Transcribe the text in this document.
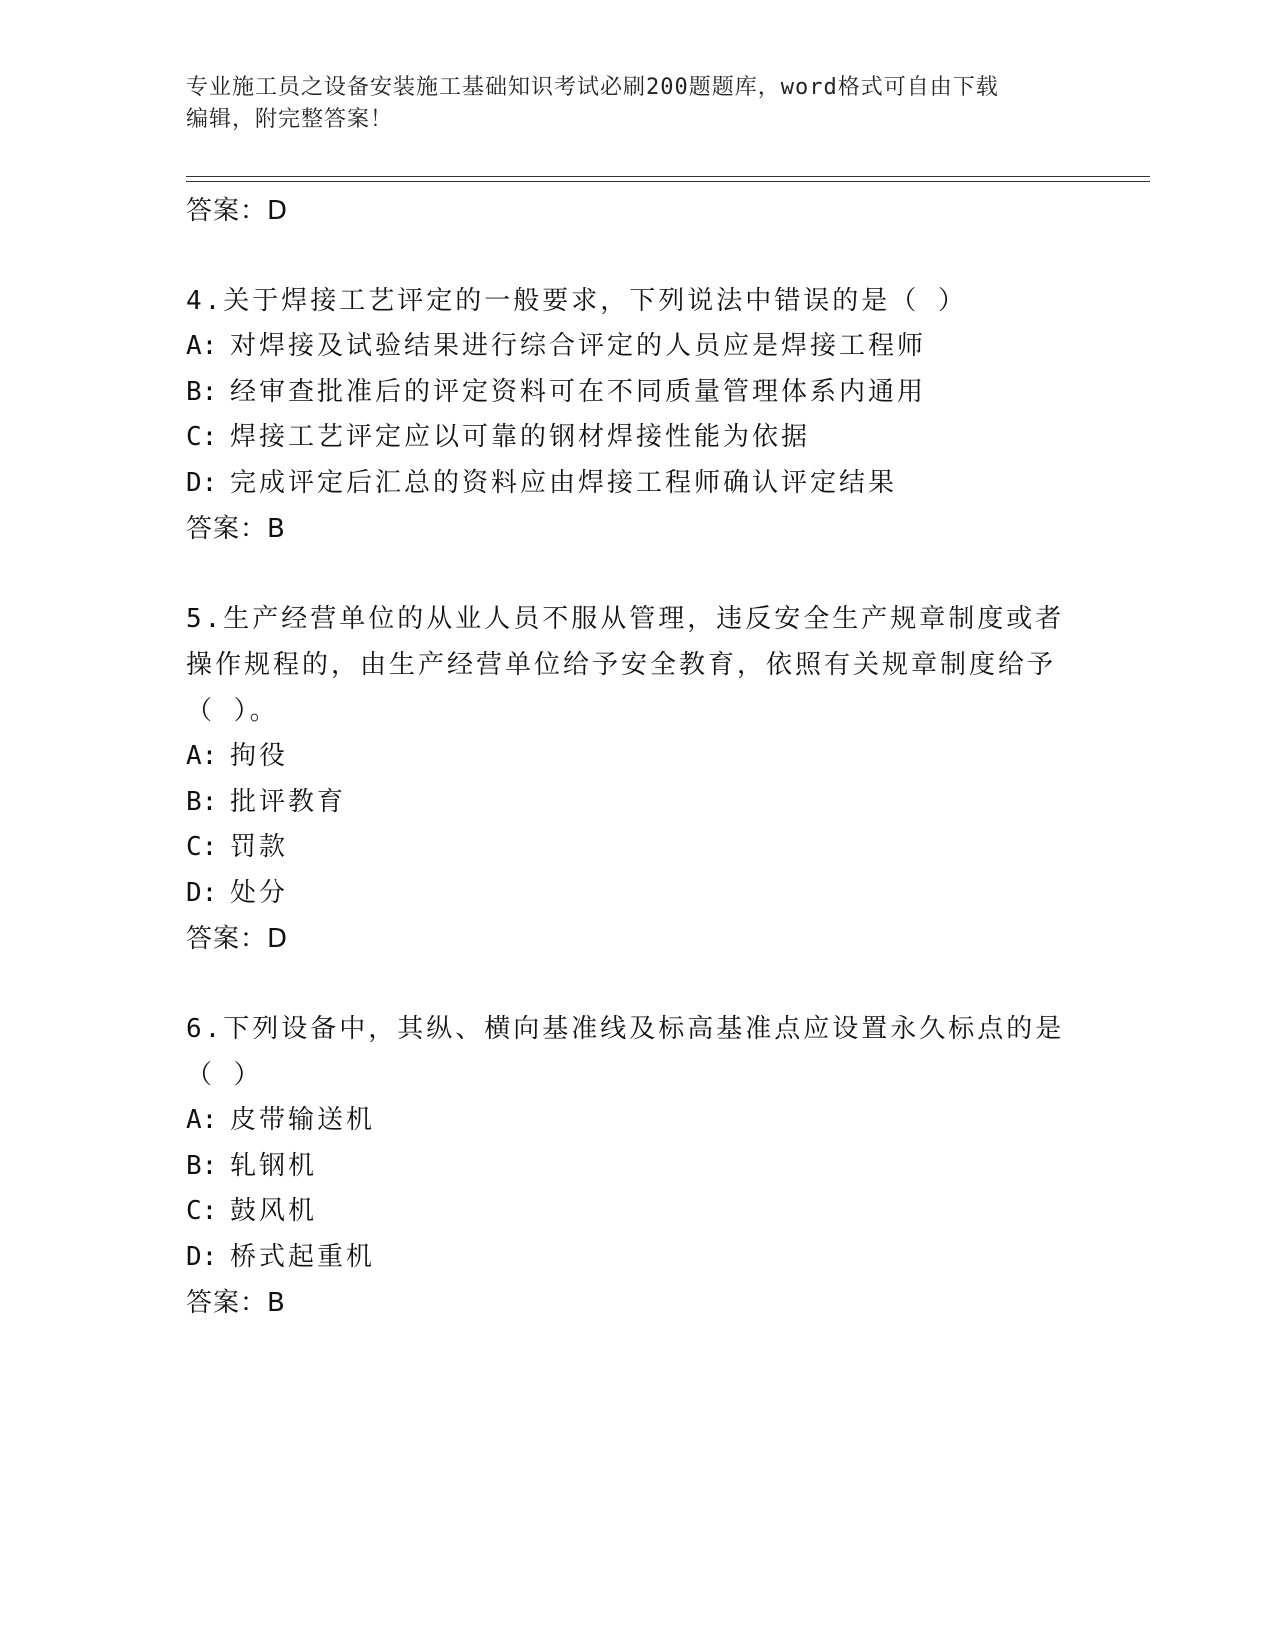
专业施工员之设备安装施工基础知识考试必刷200题题库，word格式可自由下载
编辑，附完整答案！
答案：D
4.关于焊接工艺评定的一般要求，下列说法中错误的是（ ）
A: 对焊接及试验结果进行综合评定的人员应是焊接工程师
B: 经审查批准后的评定资料可在不同质量管理体系内通用
C: 焊接工艺评定应以可靠的钢材焊接性能为依据
D: 完成评定后汇总的资料应由焊接工程师确认评定结果
答案：B
5.生产经营单位的从业人员不服从管理，违反安全生产规章制度或者
操作规程的，由生产经营单位给予安全教育，依照有关规章制度给予
（ ）。
A: 拘役
B: 批评教育
C: 罚款
D: 处分
答案：D
6.下列设备中，其纵、横向基准线及标高基准点应设置永久标点的是
（ ）
A: 皮带输送机
B: 轧钢机
C: 鼓风机
D: 桥式起重机
答案：B
